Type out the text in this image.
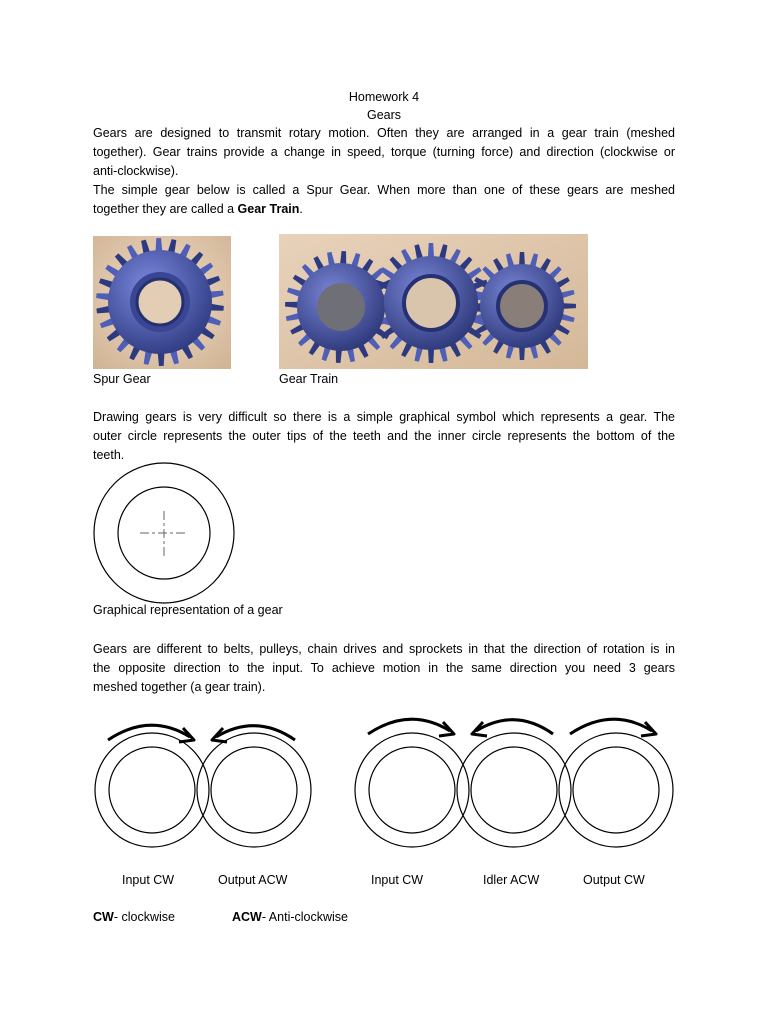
Homework 4
Gears
Gears are designed to transmit rotary motion. Often they are arranged in a gear train (meshed
together). Gear trains provide a change in speed, torque (turning force) and direction (clockwise or
anti-clockwise).
The simple gear below is called a Spur Gear. When more than one of these gears are meshed
together they are called a Gear Train.
Spur Gear	Gear Train
Drawing gears is very difficult so there is a simple graphical symbol which represents a gear. The
outer circle represents the outer tips of the teeth and the inner circle represents the bottom of the
teeth.
Graphical representation of a gear
Gears are different to belts, pulleys, chain drives and sprockets in that the direction of rotation is in
the opposite direction to the input. To achieve motion in the same direction you need 3 gears
meshed together (a gear train).
Input CW	Output ACW	Input CW	Idler ACW	Output CW
CW- clockwise	ACW- Anti-clockwise
